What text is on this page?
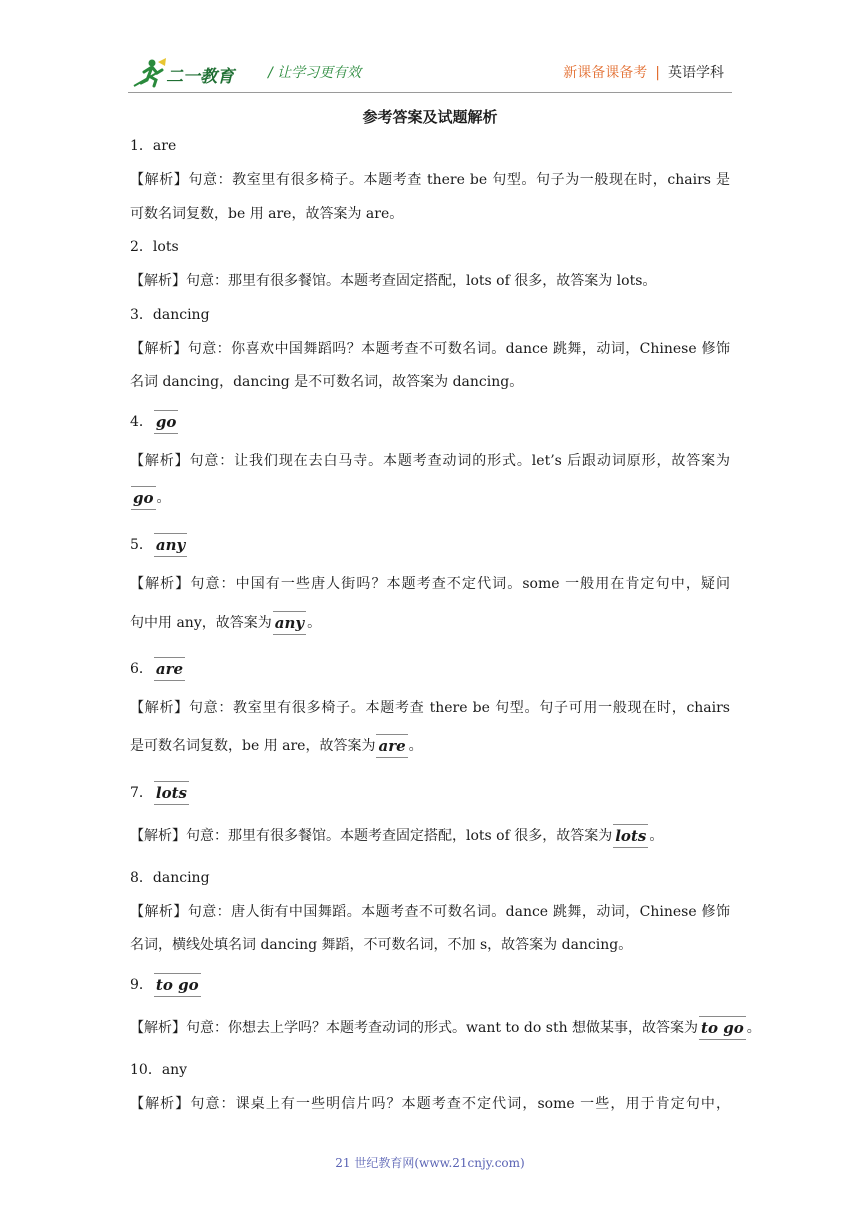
二一教育 / 让学习更有效	新课备课备考 | 英语学科
参考答案及试题解析
1．are
【解析】句意：教室里有很多椅子。本题考查 there be 句型。句子为一般现在时，chairs 是
可数名词复数，be 用 are，故答案为 are。
2．lots
【解析】句意：那里有很多餐馆。本题考查固定搭配，lots of 很多，故答案为 lots。
3．dancing
【解析】句意：你喜欢中国舞蹈吗？本题考查不可数名词。dance 跳舞，动词，Chinese 修饰
名词 dancing，dancing 是不可数名词，故答案为 dancing。
4． go
【解析】句意：让我们现在去白马寺。本题考查动词的形式。let’s 后跟动词原形，故答案为
go 。
5． any
【解析】句意：中国有一些唐人街吗？本题考查不定代词。some 一般用在肯定句中，疑问
句中用 any，故答案为 any 。
6． are
【解析】句意：教室里有很多椅子。本题考查 there be 句型。句子可用一般现在时，chairs
是可数名词复数，be 用 are，故答案为 are 。
7． lots
【解析】句意：那里有很多餐馆。本题考查固定搭配，lots of 很多，故答案为 lots 。
8．dancing
【解析】句意：唐人街有中国舞蹈。本题考查不可数名词。dance 跳舞，动词，Chinese 修饰
名词，横线处填名词 dancing 舞蹈，不可数名词，不加 s，故答案为 dancing。
9． to go
【解析】句意：你想去上学吗？本题考查动词的形式。want to do sth 想做某事，故答案为 to go 。
10．any
【解析】句意：课桌上有一些明信片吗？本题考查不定代词，some 一些，用于肯定句中，
21 世纪教育网(www.21cnjy.com)
